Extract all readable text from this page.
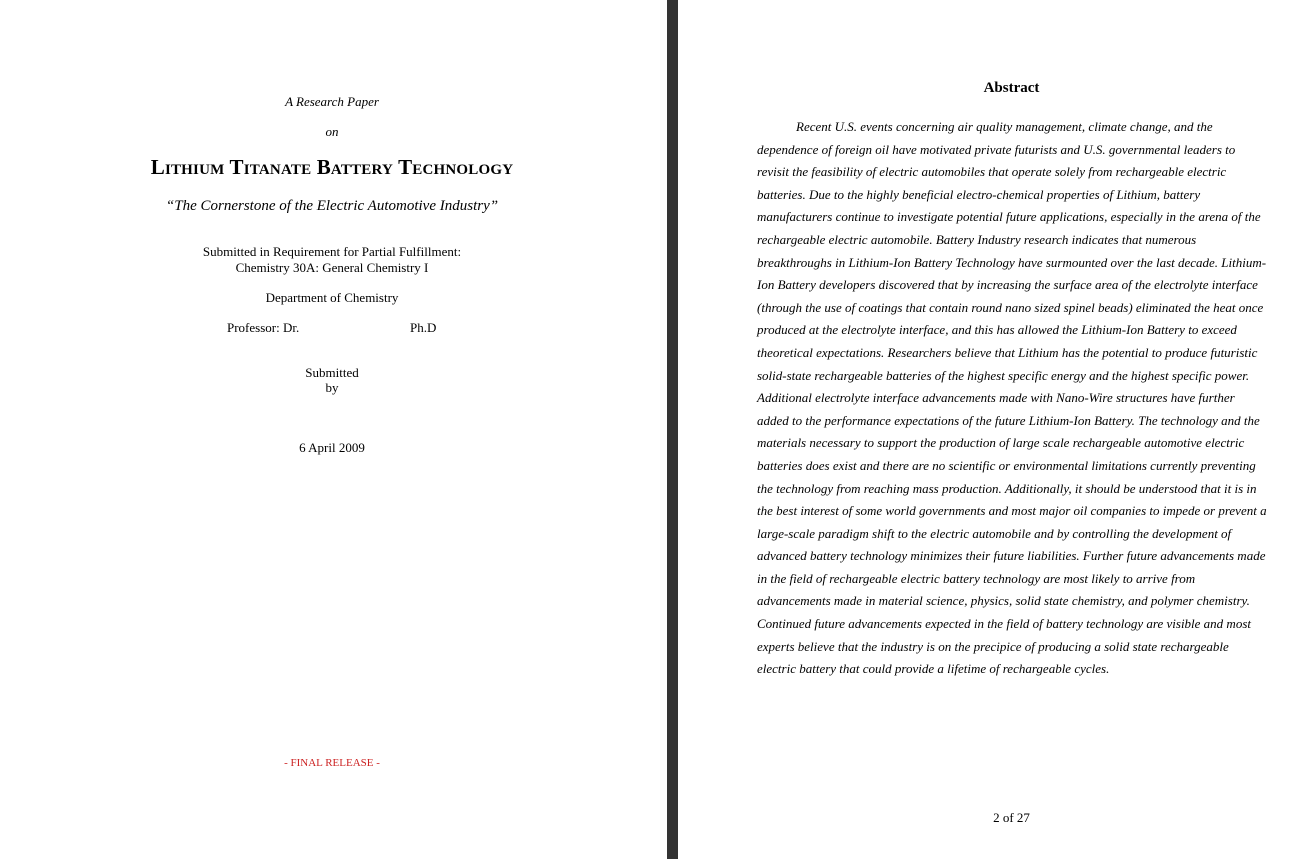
A Research Paper
on
Lithium Titanate Battery Technology
“The Cornerstone of the Electric Automotive Industry”
Submitted in Requirement for Partial Fulfillment:
Chemistry 30A: General Chemistry I
Department of Chemistry
Professor: Dr.	Ph.D
Submitted
by
6 April 2009
- FINAL RELEASE -
Abstract

Recent U.S. events concerning air quality management, climate change, and the dependence of foreign oil have motivated private futurists and U.S. governmental leaders to revisit the feasibility of electric automobiles that operate solely from rechargeable electric batteries. Due to the highly beneficial electro-chemical properties of Lithium, battery manufacturers continue to investigate potential future applications, especially in the arena of the rechargeable electric automobile. Battery Industry research indicates that numerous breakthroughs in Lithium-Ion Battery Technology have surmounted over the last decade. Lithium-Ion Battery developers discovered that by increasing the surface area of the electrolyte interface (through the use of coatings that contain round nano sized spinel beads) eliminated the heat once produced at the electrolyte interface, and this has allowed the Lithium-Ion Battery to exceed theoretical expectations. Researchers believe that Lithium has the potential to produce futuristic solid-state rechargeable batteries of the highest specific energy and the highest specific power. Additional electrolyte interface advancements made with Nano-Wire structures have further added to the performance expectations of the future Lithium-Ion Battery. The technology and the materials necessary to support the production of large scale rechargeable automotive electric batteries does exist and there are no scientific or environmental limitations currently preventing the technology from reaching mass production. Additionally, it should be understood that it is in the best interest of some world governments and most major oil companies to impede or prevent a large-scale paradigm shift to the electric automobile and by controlling the development of advanced battery technology minimizes their future liabilities. Further future advancements made in the field of rechargeable electric battery technology are most likely to arrive from advancements made in material science, physics, solid state chemistry, and polymer chemistry. Continued future advancements expected in the field of battery technology are visible and most experts believe that the industry is on the precipice of producing a solid state rechargeable electric battery that could provide a lifetime of rechargeable cycles.

2 of 27
